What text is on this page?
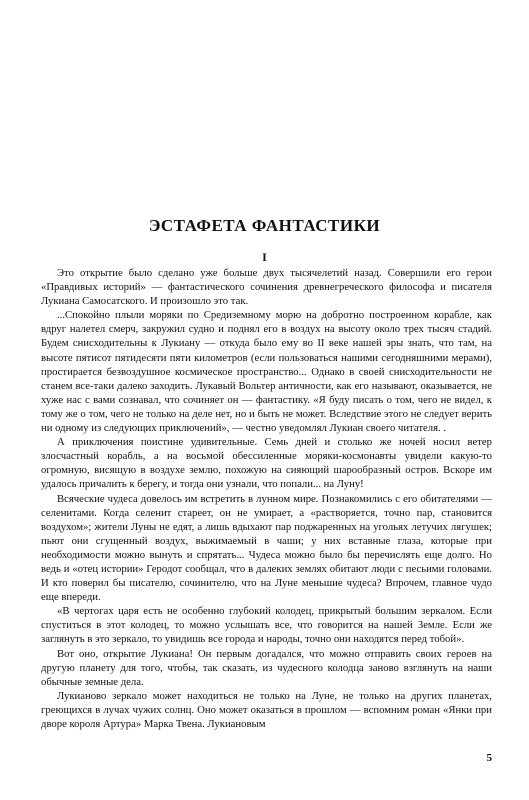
ЭСТАФЕТА ФАНТАСТИКИ
I

Это открытие было сделано уже больше двух тысячелетий назад. Совершили его герои «Правдивых историй» — фантастического сочинения древнегреческого философа и писателя Лукиана Самосатского. И произошло это так.

...Спокойно плыли моряки по Средиземному морю на добротно построенном корабле, как вдруг налетел смерч, закружил судно и поднял его в воздух на высоту около трех тысяч стадий. Будем снисходительны к Лукиану — откуда было ему во II веке нашей эры знать, что там, на высоте пятисот пятидесяти пяти километров (если пользоваться нашими сегодняшними мерами), простирается безвоздушное космическое пространство... Однако в своей снисходительности не станем все-таки далеко заходить. Лукавый Вольтер античности, как его называют, оказывается, не хуже нас с вами сознавал, что сочиняет он — фантастику. «Я буду писать о том, чего не видел, к тому же о том, чего не только на деле нет, но и быть не может. Вследствие этого не следует верить ни одному из следующих приключений», — честно уведомлял Лукиан своего читателя. .

А приключения поистине удивительные. Семь дней и столько же ночей носил ветер злосчастный корабль, а на восьмой обессиленные моряки-космонавты увидели какую-то огромную, висящую в воздухе землю, похожую на сияющий шарообразный остров. Вскоре им удалось причалить к берегу, и тогда они узнали, что попали... на Луну!

Всяческие чудеса довелось им встретить в лунном мире. Познакомились с его обитателями — селенитами. Когда селенит стареет, он не умирает, а «растворяется, точно пар, становится воздухом»; жители Луны не едят, а лишь вдыхают пар поджаренных на угольях летучих лягушек; пьют они сгущенный воздух, выжимаемый в чаши; у них вставные глаза, которые при необходимости можно вынуть и спрятать... Чудеса можно было бы перечислять еще долго. Но ведь и «отец истории» Геродот сообщал, что в далеких землях обитают люди с песьими головами. И кто поверил бы писателю, сочинителю, что на Луне меньшие чудеса? Впрочем, главное чудо еще впереди.

«В чертогах царя есть не особенно глубокий колодец, прикрытый большим зеркалом. Если спуститься в этот колодец, то можно услышать все, что говорится на нашей Земле. Если же заглянуть в это зеркало, то увидишь все города и народы, точно они находятся перед тобой».

Вот оно, открытие Лукиана! Он первым догадался, что можно отправить своих героев на другую планету для того, чтобы, так сказать, из чудесного колодца заново взглянуть на наши обычные земные дела.

Лукианово зеркало может находиться не только на Луне, не только на других планетах, греющихся в лучах чужих солнц. Оно может оказаться в прошлом — вспомним роман «Янки при дворе короля Артура» Марка Твена. Лукиановым

5
